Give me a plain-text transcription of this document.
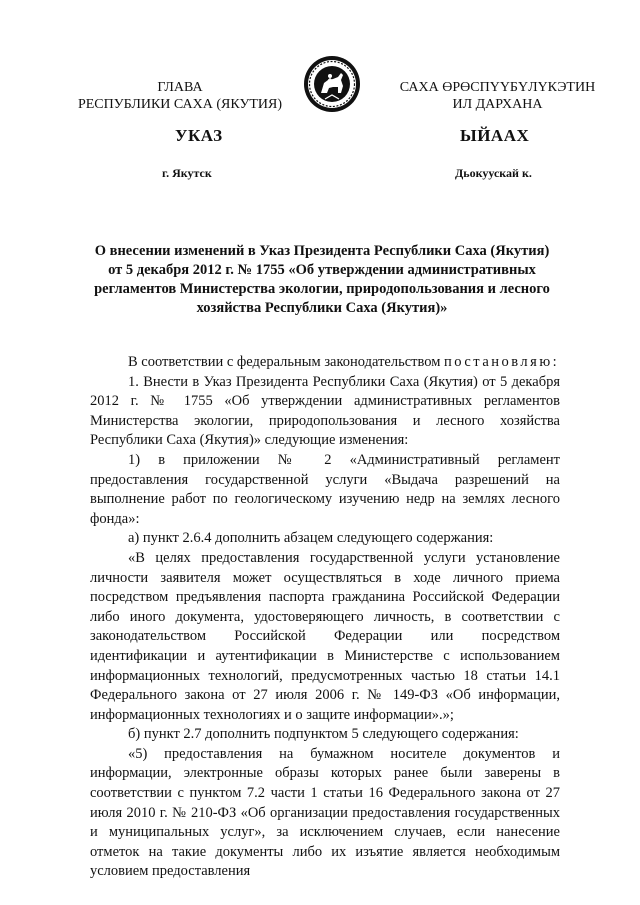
ГЛАВА
РЕСПУБЛИКИ САХА (ЯКУТИЯ)
САХА ӨРӨСПҮҮБҮЛҮКЭТИН
ИЛ ДАРХАНА
УКАЗ	ЫЙААХ
г. Якутск	Дьокуускай к.
О внесении изменений в Указ Президента Республики Саха (Якутия)
от 5 декабря 2012 г. № 1755 «Об утверждении административных
регламентов Министерства экологии, природопользования и лесного
хозяйства Республики Саха (Якутия)»

В соответствии с федеральным законодательством постановляю:

1. Внести в Указ Президента Республики Саха (Якутия) от 5 декабря 2012 г. № 1755 «Об утверждении административных регламентов Министерства экологии, природопользования и лесного хозяйства Республики Саха (Якутия)» следующие изменения:

1) в приложении № 2 «Административный регламент предоставления государственной услуги «Выдача разрешений на выполнение работ по геологическому изучению недр на землях лесного фонда»:

а) пункт 2.6.4 дополнить абзацем следующего содержания:

«В целях предоставления государственной услуги установление личности заявителя может осуществляться в ходе личного приема посредством предъявления паспорта гражданина Российской Федерации либо иного документа, удостоверяющего личность, в соответствии с законодательством Российской Федерации или посредством идентификации и аутентификации в Министерстве с использованием информационных технологий, предусмотренных частью 18 статьи 14.1 Федерального закона от 27 июля 2006 г. № 149-ФЗ «Об информации, информационных технологиях и о защите информации».»;

б) пункт 2.7 дополнить подпунктом 5 следующего содержания:

«5) предоставления на бумажном носителе документов и информации, электронные образы которых ранее были заверены в соответствии с пунктом 7.2 части 1 статьи 16 Федерального закона от 27 июля 2010 г. № 210-ФЗ «Об организации предоставления государственных и муниципальных услуг», за исключением случаев, если нанесение отметок на такие документы либо их изъятие является необходимым условием предоставления
